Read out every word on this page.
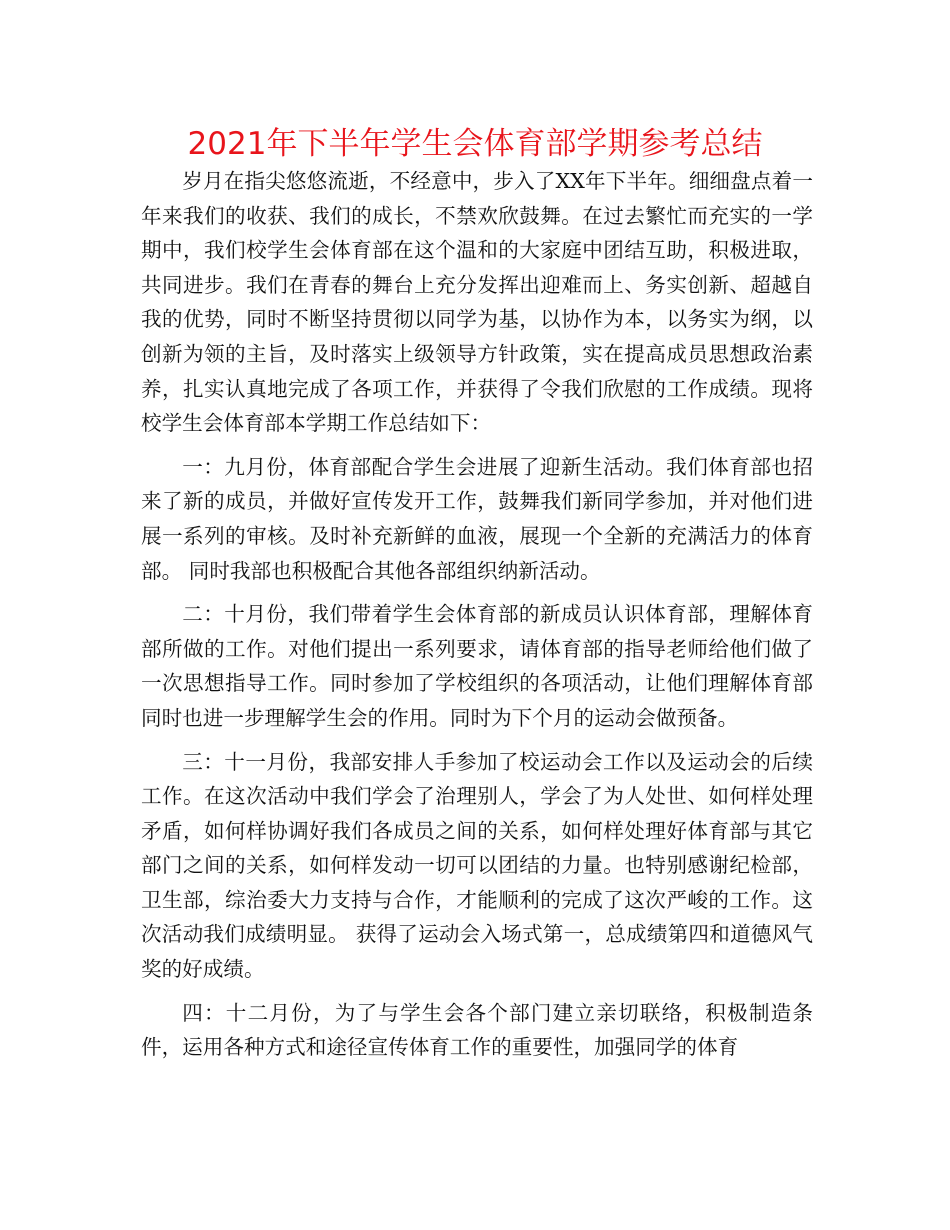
2021年下半年学生会体育部学期参考总结

岁月在指尖悠悠流逝，不经意中，步入了XX年下半年。细细盘点着一年来我们的收获、我们的成长，不禁欢欣鼓舞。在过去繁忙而充实的一学期中，我们校学生会体育部在这个温和的大家庭中团结互助，积极进取，共同进步。我们在青春的舞台上充分发挥出迎难而上、务实创新、超越自我的优势，同时不断坚持贯彻以同学为基，以协作为本，以务实为纲，以创新为领的主旨，及时落实上级领导方针政策，实在提高成员思想政治素养，扎实认真地完成了各项工作，并获得了令我们欣慰的工作成绩。现将校学生会体育部本学期工作总结如下：

一：九月份，体育部配合学生会进展了迎新生活动。我们体育部也招来了新的成员，并做好宣传发开工作，鼓舞我们新同学参加，并对他们进展一系列的审核。及时补充新鲜的血液，展现一个全新的充满活力的体育部。 同时我部也积极配合其他各部组织纳新活动。

二：十月份，我们带着学生会体育部的新成员认识体育部，理解体育部所做的工作。对他们提出一系列要求，请体育部的指导老师给他们做了一次思想指导工作。同时参加了学校组织的各项活动，让他们理解体育部同时也进一步理解学生会的作用。同时为下个月的运动会做预备。

三：十一月份，我部安排人手参加了校运动会工作以及运动会的后续工作。在这次活动中我们学会了治理别人，学会了为人处世、如何样处理矛盾，如何样协调好我们各成员之间的关系，如何样处理好体育部与其它部门之间的关系，如何样发动一切可以团结的力量。也特别感谢纪检部，卫生部，综治委大力支持与合作，才能顺利的完成了这次严峻的工作。这次活动我们成绩明显。 获得了运动会入场式第一，总成绩第四和道德风气奖的好成绩。

四：十二月份，为了与学生会各个部门建立亲切联络，积极制造条件，运用各种方式和途径宣传体育工作的重要性，加强同学的体育
